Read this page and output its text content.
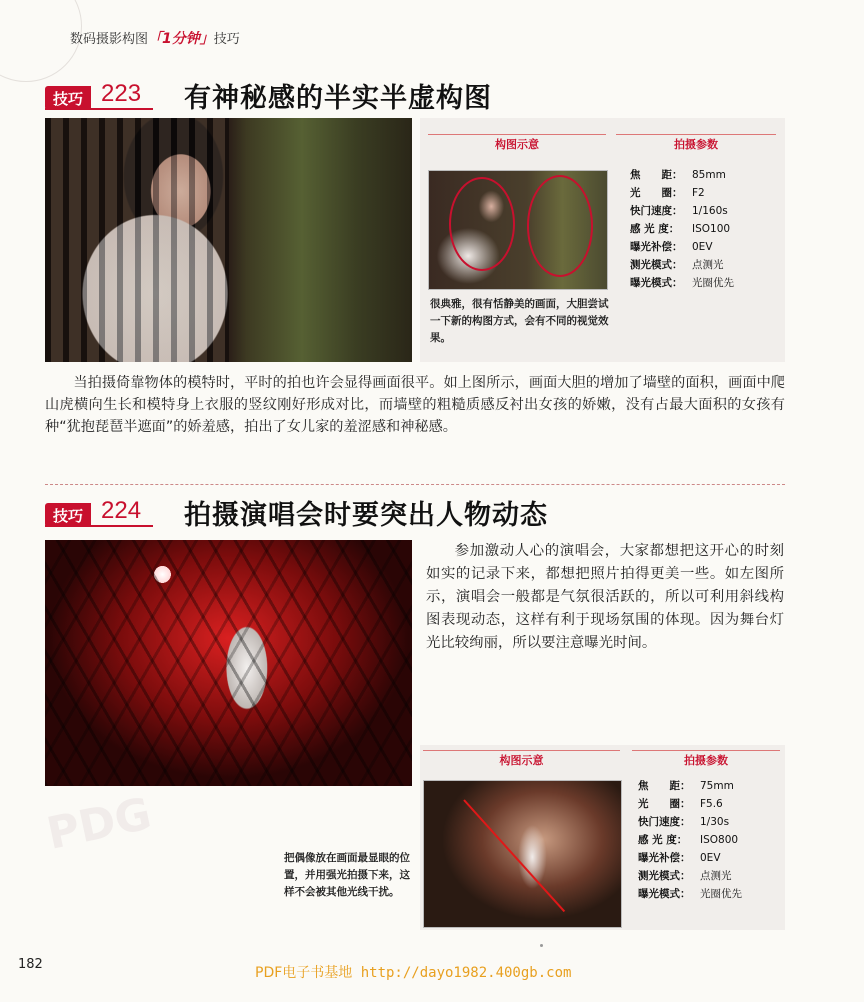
数码摄影构图「1分钟」技巧
技巧 223 有神秘感的半实半虚构图
构图示意	拍摄参数
焦　　距： 85mm
光　　圈： F2
快门速度： 1/160s
感 光 度：	ISO100
曝光补偿： 0EV
测光模式： 点测光
曝光模式： 光圈优先
很典雅，很有恬静美的画面，大胆尝试一下新的构图方式，会有不同的视觉效果。

当拍摄倚靠物体的模特时，平时的拍也许会显得画面很平。如上图所示，画面大胆的增加了墙壁的面积，画面中爬山虎横向生长和模特身上衣服的竖纹刚好形成对比，而墙壁的粗糙质感反衬出女孩的娇嫩，没有占最大面积的女孩有种“犹抱琵琶半遮面”的娇羞感，拍出了女儿家的羞涩感和神秘感。

技巧 224 拍摄演唱会时要突出人物动态

参加激动人心的演唱会，大家都想把这开心的时刻如实的记录下来，都想把照片拍得更美一些。如左图所示，演唱会一般都是气氛很活跃的，所以可利用斜线构图表现动态，这样有利于现场氛围的体现。因为舞台灯光比较绚丽，所以要注意曝光时间。

构图示意	拍摄参数
焦　　距： 75mm
光　　圈： F5.6
快门速度： 1/30s
感 光 度：	ISO800
曝光补偿： 0EV
测光模式： 点测光
曝光模式： 光圈优先
把偶像放在画面最显眼的位置，并用强光拍摄下来，这样不会被其他光线干扰。
PDG
182
PDF电子书基地 http://dayo1982.400gb.com
